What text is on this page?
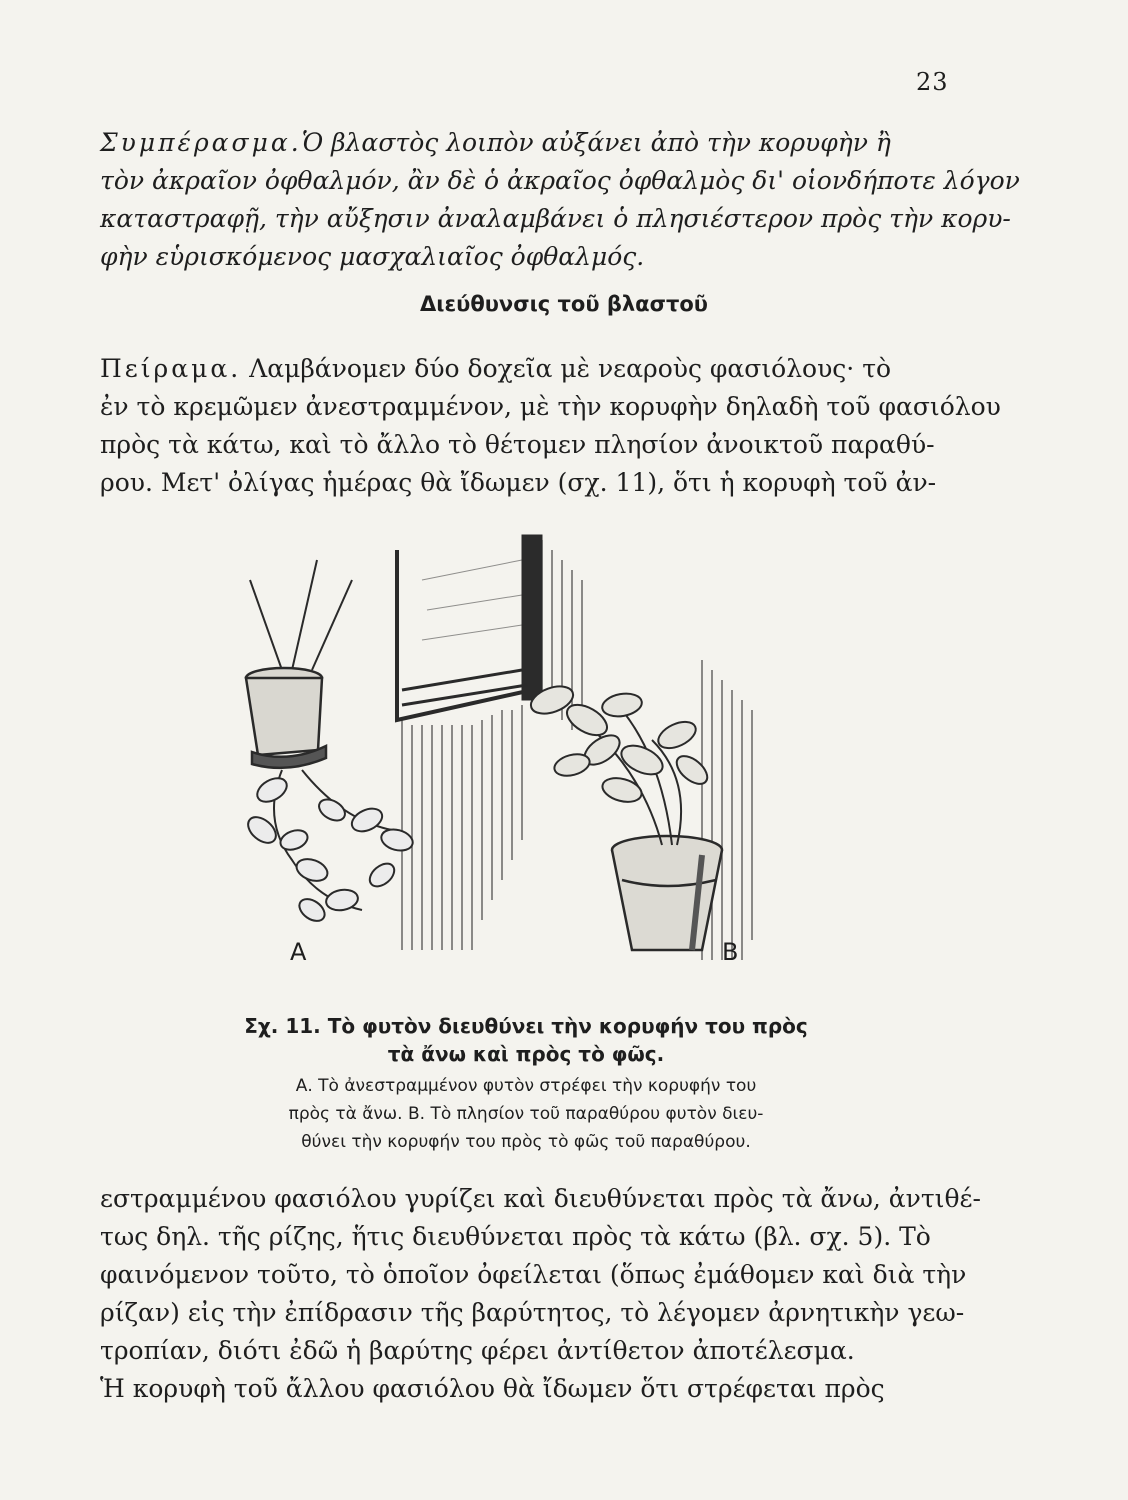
23

Συμπέρασμα.Ὁ βλαστὸς λοιπὸν αὐξάνει ἀπὸ τὴν κορυφὴν ἢ
τὸν ἀκραῖον ὀφθαλμόν, ἂν δὲ ὁ ἀκραῖος ὀφθαλμὸς δι' οἱονδήποτε λόγον
καταστραφῇ, τὴν αὔξησιν ἀναλαμβάνει ὁ πλησιέστερον πρὸς τὴν κορυ-
φὴν εὑρισκόμενος μασχαλιαῖος ὀφθαλμός.

Διεύθυνσις τοῦ βλαστοῦ

Πείραμα. Λαμβάνομεν δύο δοχεῖα μὲ νεαροὺς φασιόλους· τὸ
ἐν τὸ κρεμῶμεν ἀνεστραμμένον, μὲ τὴν κορυφὴν δηλαδὴ τοῦ φασιόλου
πρὸς τὰ κάτω, καὶ τὸ ἄλλο τὸ θέτομεν πλησίον ἀνοικτοῦ παραθύ-
ρου. Μετ' ὀλίγας ἡμέρας θὰ ἴδωμεν (σχ. 11), ὅτι ἡ κορυφὴ τοῦ ἀν-

A	B
Σχ. 11. Τὸ φυτὸν διευθύνει τὴν κορυφήν του πρὸς
τὰ ἄνω καὶ πρὸς τὸ φῶς.
Α. Τὸ ἀνεστραμμένον φυτὸν στρέφει τὴν κορυφήν του
πρὸς τὰ ἄνω. Β. Τὸ πλησίον τοῦ παραθύρου φυτὸν διευ-
θύνει τὴν κορυφήν του πρὸς τὸ φῶς τοῦ παραθύρου.

εστραμμένου φασιόλου γυρίζει καὶ διευθύνεται πρὸς τὰ ἄνω, ἀντιθέ-
τως δηλ. τῆς ρίζης, ἥτις διευθύνεται πρὸς τὰ κάτω (βλ. σχ. 5). Τὸ
φαινόμενον τοῦτο, τὸ ὁποῖον ὀφείλεται (ὅπως ἐμάθομεν καὶ διὰ τὴν
ρίζαν) εἰς τὴν ἐπίδρασιν τῆς βαρύτητος, τὸ λέγομεν ἀρνητικὴν γεω-
τροπίαν, διότι ἐδῶ ἡ βαρύτης φέρει ἀντίθετον ἀποτέλεσμα.
Ἡ κορυφὴ τοῦ ἄλλου φασιόλου θὰ ἴδωμεν ὅτι στρέφεται πρὸς
